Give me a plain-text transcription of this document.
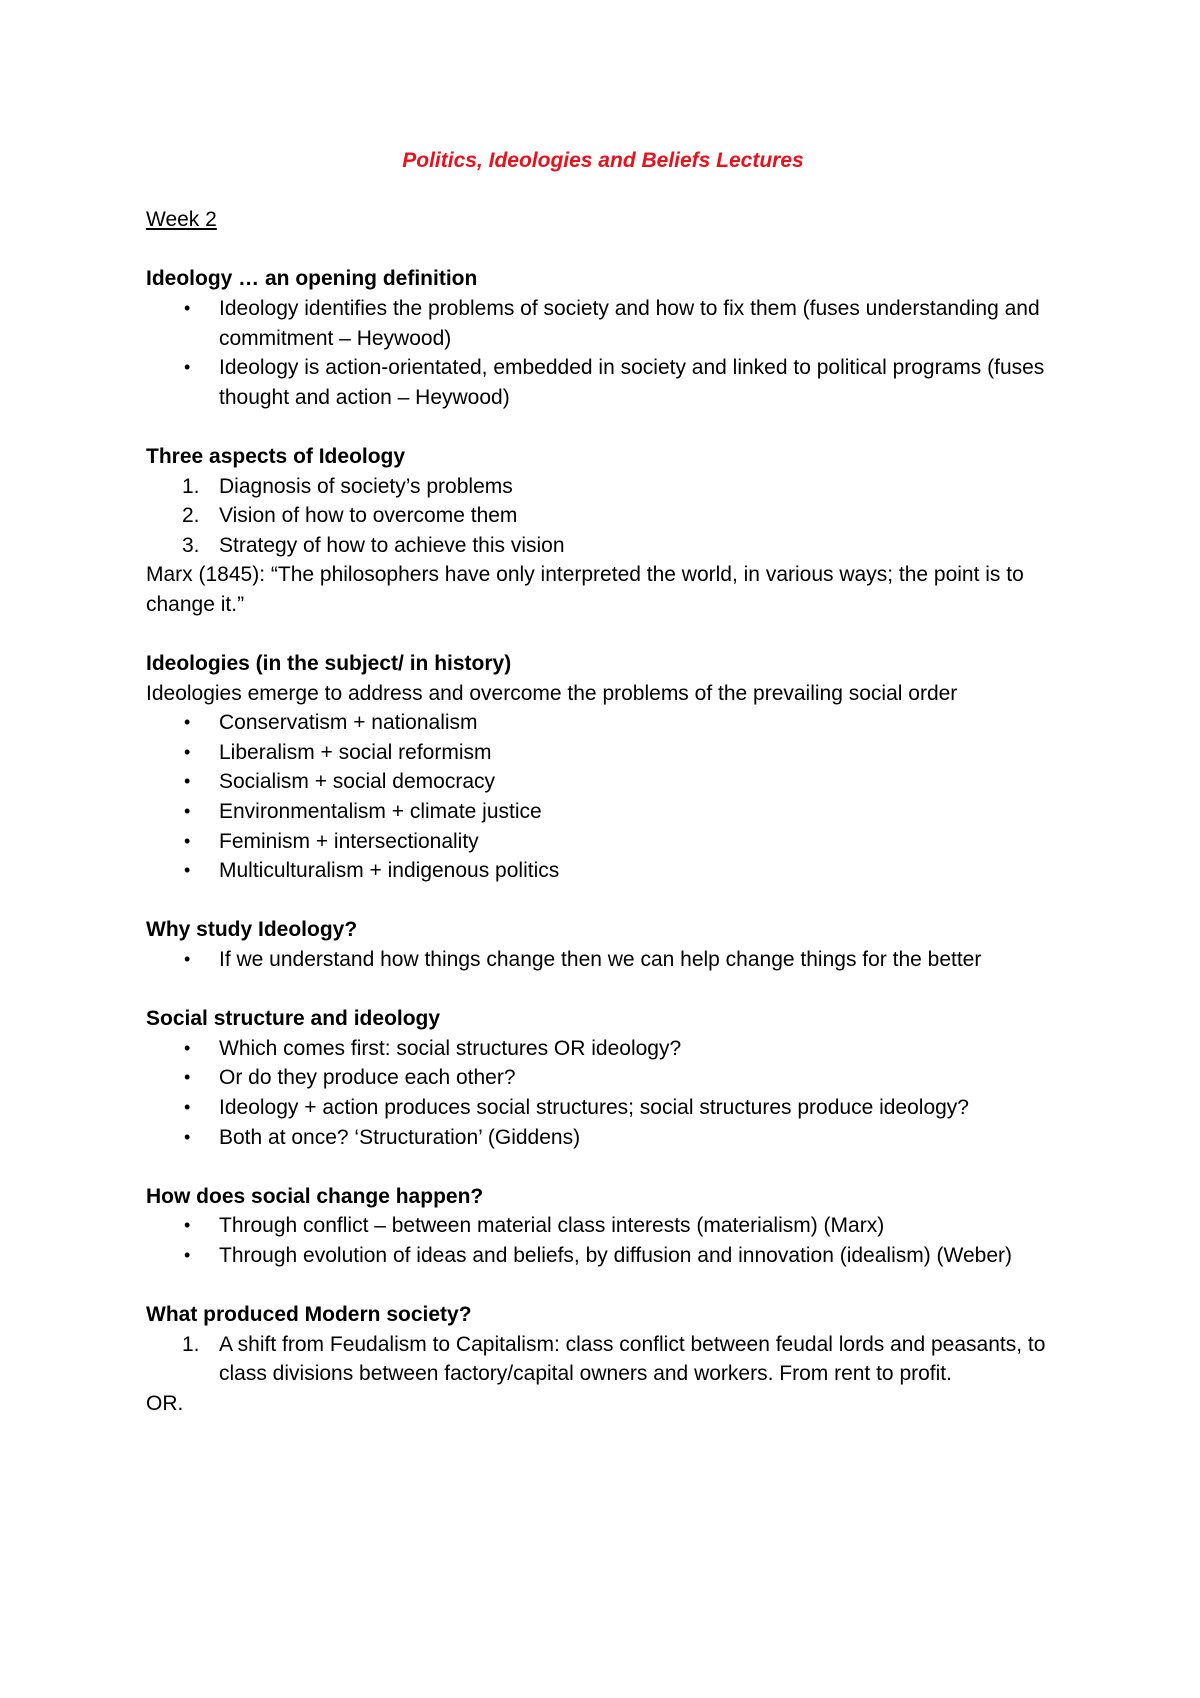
Politics, Ideologies and Beliefs Lectures
Week 2
Ideology … an opening definition
• Ideology identifies the problems of society and how to fix them (fuses understanding and commitment – Heywood)
• Ideology is action-orientated, embedded in society and linked to political programs (fuses thought and action – Heywood)
Three aspects of Ideology
1. Diagnosis of society’s problems
2. Vision of how to overcome them
3. Strategy of how to achieve this vision
Marx (1845): “The philosophers have only interpreted the world, in various ways; the point is to change it.”
Ideologies (in the subject/ in history)
Ideologies emerge to address and overcome the problems of the prevailing social order
• Conservatism + nationalism
• Liberalism + social reformism
• Socialism + social democracy
• Environmentalism + climate justice
• Feminism + intersectionality
• Multiculturalism + indigenous politics
Why study Ideology?
• If we understand how things change then we can help change things for the better
Social structure and ideology
• Which comes first: social structures OR ideology?
• Or do they produce each other?
• Ideology + action produces social structures; social structures produce ideology?
• Both at once? ‘Structuration’ (Giddens)
How does social change happen?
• Through conflict – between material class interests (materialism) (Marx)
• Through evolution of ideas and beliefs, by diffusion and innovation (idealism) (Weber)
What produced Modern society?
1. A shift from Feudalism to Capitalism: class conflict between feudal lords and peasants, to class divisions between factory/capital owners and workers. From rent to profit.
OR.
